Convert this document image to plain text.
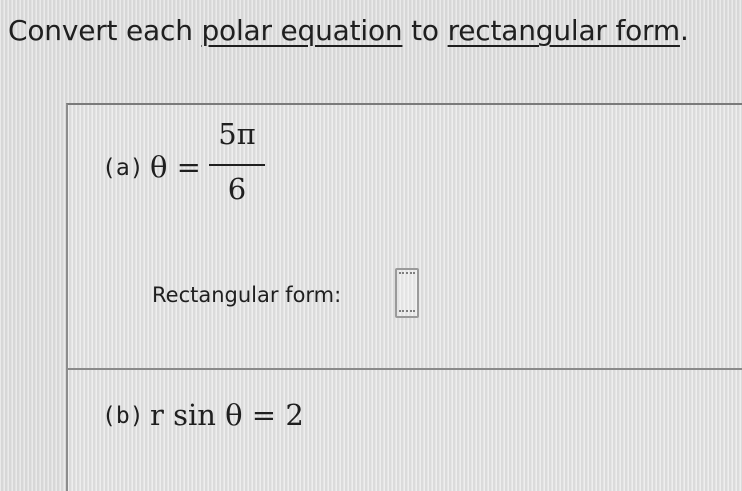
Convert each polar equation to rectangular form.
(a) θ =
5π
6
Rectangular form:
(b) r sin θ = 2
